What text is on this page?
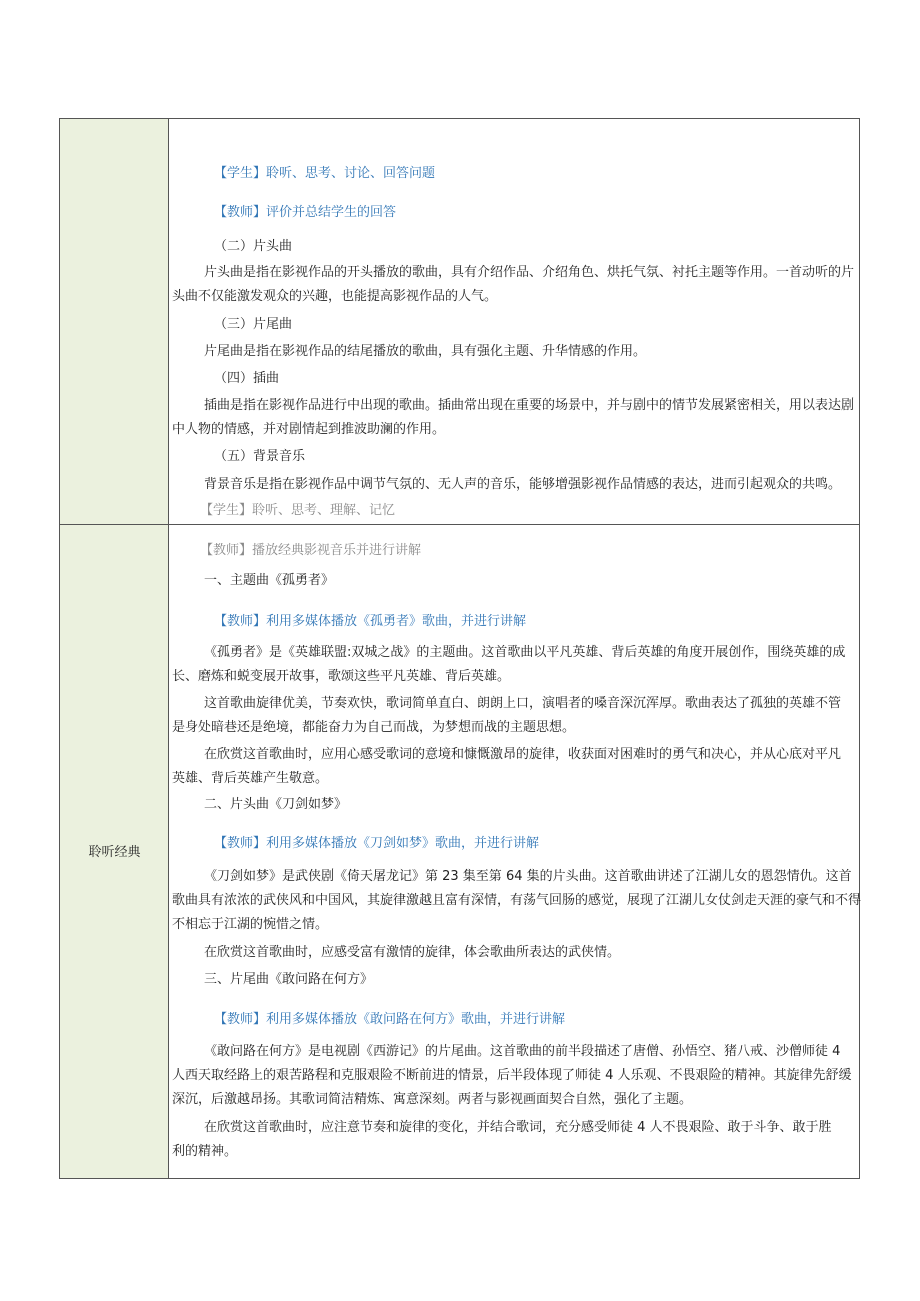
【学生】聆听、思考、讨论、回答问题
【教师】评价并总结学生的回答
（二）片头曲
片头曲是指在影视作品的开头播放的歌曲，具有介绍作品、介绍角色、烘托气氛、衬托主题等作用。一首动听的片
头曲不仅能激发观众的兴趣，也能提高影视作品的人气。
（三）片尾曲
片尾曲是指在影视作品的结尾播放的歌曲，具有强化主题、升华情感的作用。
（四）插曲
插曲是指在影视作品进行中出现的歌曲。插曲常出现在重要的场景中，并与剧中的情节发展紧密相关，用以表达剧
中人物的情感，并对剧情起到推波助澜的作用。
（五）背景音乐
背景音乐是指在影视作品中调节气氛的、无人声的音乐，能够增强影视作品情感的表达，进而引起观众的共鸣。
【学生】聆听、思考、理解、记忆
聆听经典
【教师】播放经典影视音乐并进行讲解
一、主题曲《孤勇者》
【教师】利用多媒体播放《孤勇者》歌曲，并进行讲解
《孤勇者》是《英雄联盟:双城之战》的主题曲。这首歌曲以平凡英雄、背后英雄的角度开展创作，围绕英雄的成
长、磨炼和蜕变展开故事，歌颂这些平凡英雄、背后英雄。
这首歌曲旋律优美，节奏欢快，歌词简单直白、朗朗上口，演唱者的嗓音深沉浑厚。歌曲表达了孤独的英雄不管
是身处暗巷还是绝境，都能奋力为自己而战，为梦想而战的主题思想。
在欣赏这首歌曲时，应用心感受歌词的意境和慷慨激昂的旋律，收获面对困难时的勇气和决心，并从心底对平凡
英雄、背后英雄产生敬意。
二、片头曲《刀剑如梦》
【教师】利用多媒体播放《刀剑如梦》歌曲，并进行讲解
《刀剑如梦》是武侠剧《倚天屠龙记》第 23 集至第 64 集的片头曲。这首歌曲讲述了江湖儿女的恩怨情仇。这首
歌曲具有浓浓的武侠风和中国风，其旋律激越且富有深情，有荡气回肠的感觉，展现了江湖儿女仗剑走天涯的豪气和不得
不相忘于江湖的惋惜之情。
在欣赏这首歌曲时，应感受富有激情的旋律，体会歌曲所表达的武侠情。
三、片尾曲《敢问路在何方》
【教师】利用多媒体播放《敢问路在何方》歌曲，并进行讲解
《敢问路在何方》是电视剧《西游记》的片尾曲。这首歌曲的前半段描述了唐僧、孙悟空、猪八戒、沙僧师徒 4
人西天取经路上的艰苦路程和克服艰险不断前进的情景，后半段体现了师徒 4 人乐观、不畏艰险的精神。其旋律先舒缓
深沉，后激越昂扬。其歌词简洁精炼、寓意深刻。两者与影视画面契合自然，强化了主题。
在欣赏这首歌曲时，应注意节奏和旋律的变化，并结合歌词，充分感受师徒 4 人不畏艰险、敢于斗争、敢于胜
利的精神。
